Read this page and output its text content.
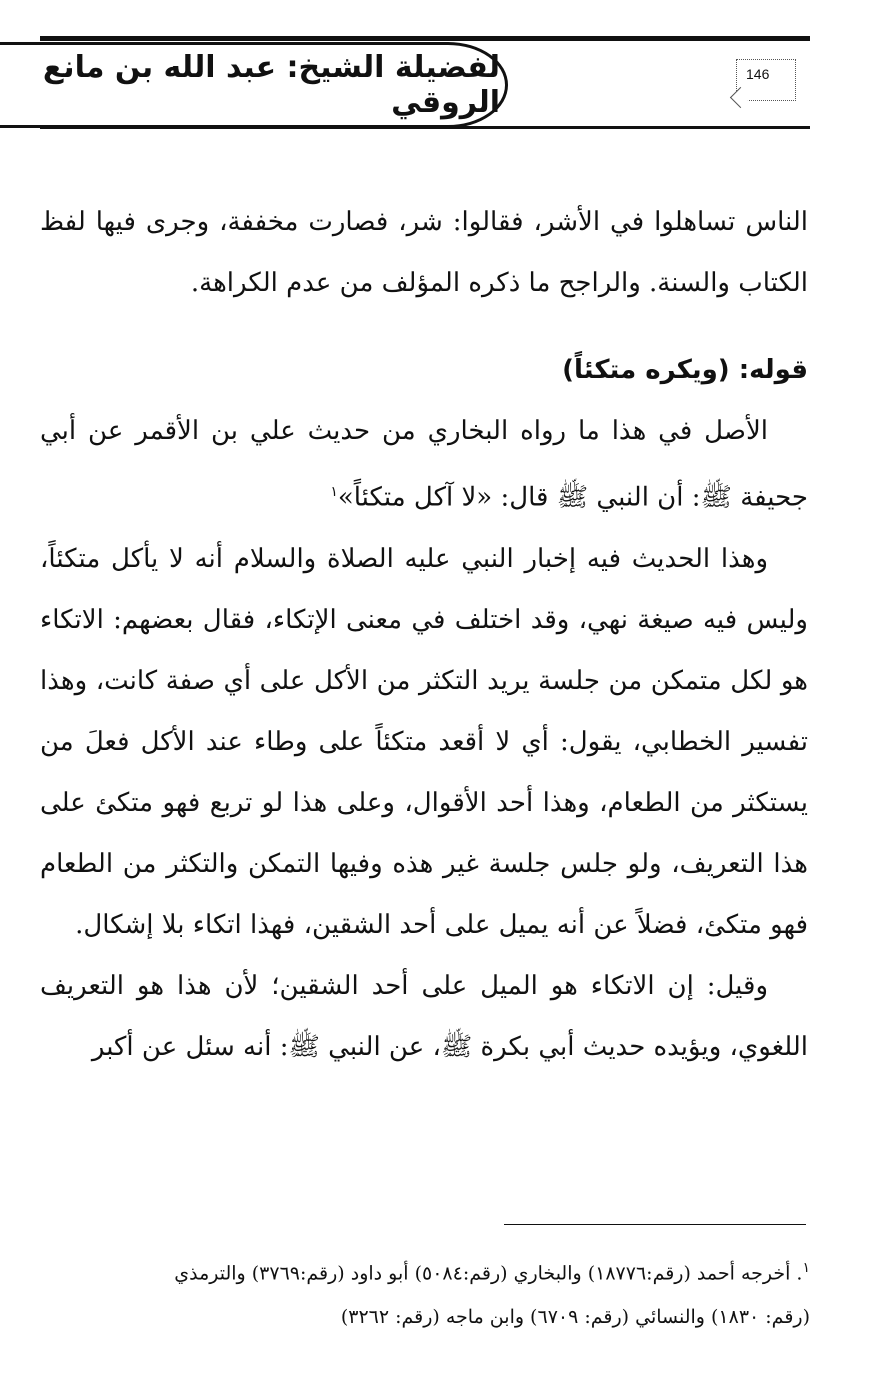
لفضيلة الشيخ: عبد الله بن مانع الروقي
146

الناس تساهلوا في الأشر، فقالوا: شر، فصارت مخففة، وجرى فيها لفظ الكتاب والسنة. والراجح ما ذكره المؤلف من عدم الكراهة.

قوله: (ويكره متكئاً)

الأصل في هذا ما رواه البخاري من حديث علي بن الأقمر عن أبي جحيفة ﷺ: أن النبي ﷺ قال: «لا آكل متكئاً»$^١$

وهذا الحديث فيه إخبار النبي عليه الصلاة والسلام أنه لا يأكل متكئاً، وليس فيه صيغة نهي، وقد اختلف في معنى الإتكاء، فقال بعضهم: الاتكاء هو لكل متمكن من جلسة يريد التكثر من الأكل على أي صفة كانت، وهذا تفسير الخطابي، يقول: أي لا أقعد متكئاً على وطاء عند الأكل فعلَ من يستكثر من الطعام، وهذا أحد الأقوال، وعلى هذا لو تربع فهو متكئ على هذا التعريف، ولو جلس جلسة غير هذه وفيها التمكن والتكثر من الطعام فهو متكئ، فضلاً عن أنه يميل على أحد الشقين، فهذا اتكاء بلا إشكال.

وقيل: إن الاتكاء هو الميل على أحد الشقين؛ لأن هذا هو التعريف اللغوي، ويؤيده حديث أبي بكرة ﷺ، عن النبي ﷺ: أنه سئل عن أكبر

$^١$. أخرجه أحمد (رقم:١٨٧٧٦) والبخاري (رقم:٥٠٨٤) أبو داود (رقم:٣٧٦٩) والترمذي

(رقم: ١٨٣٠) والنسائي (رقم: ٦٧٠٩) وابن ماجه (رقم: ٣٢٦٢)
